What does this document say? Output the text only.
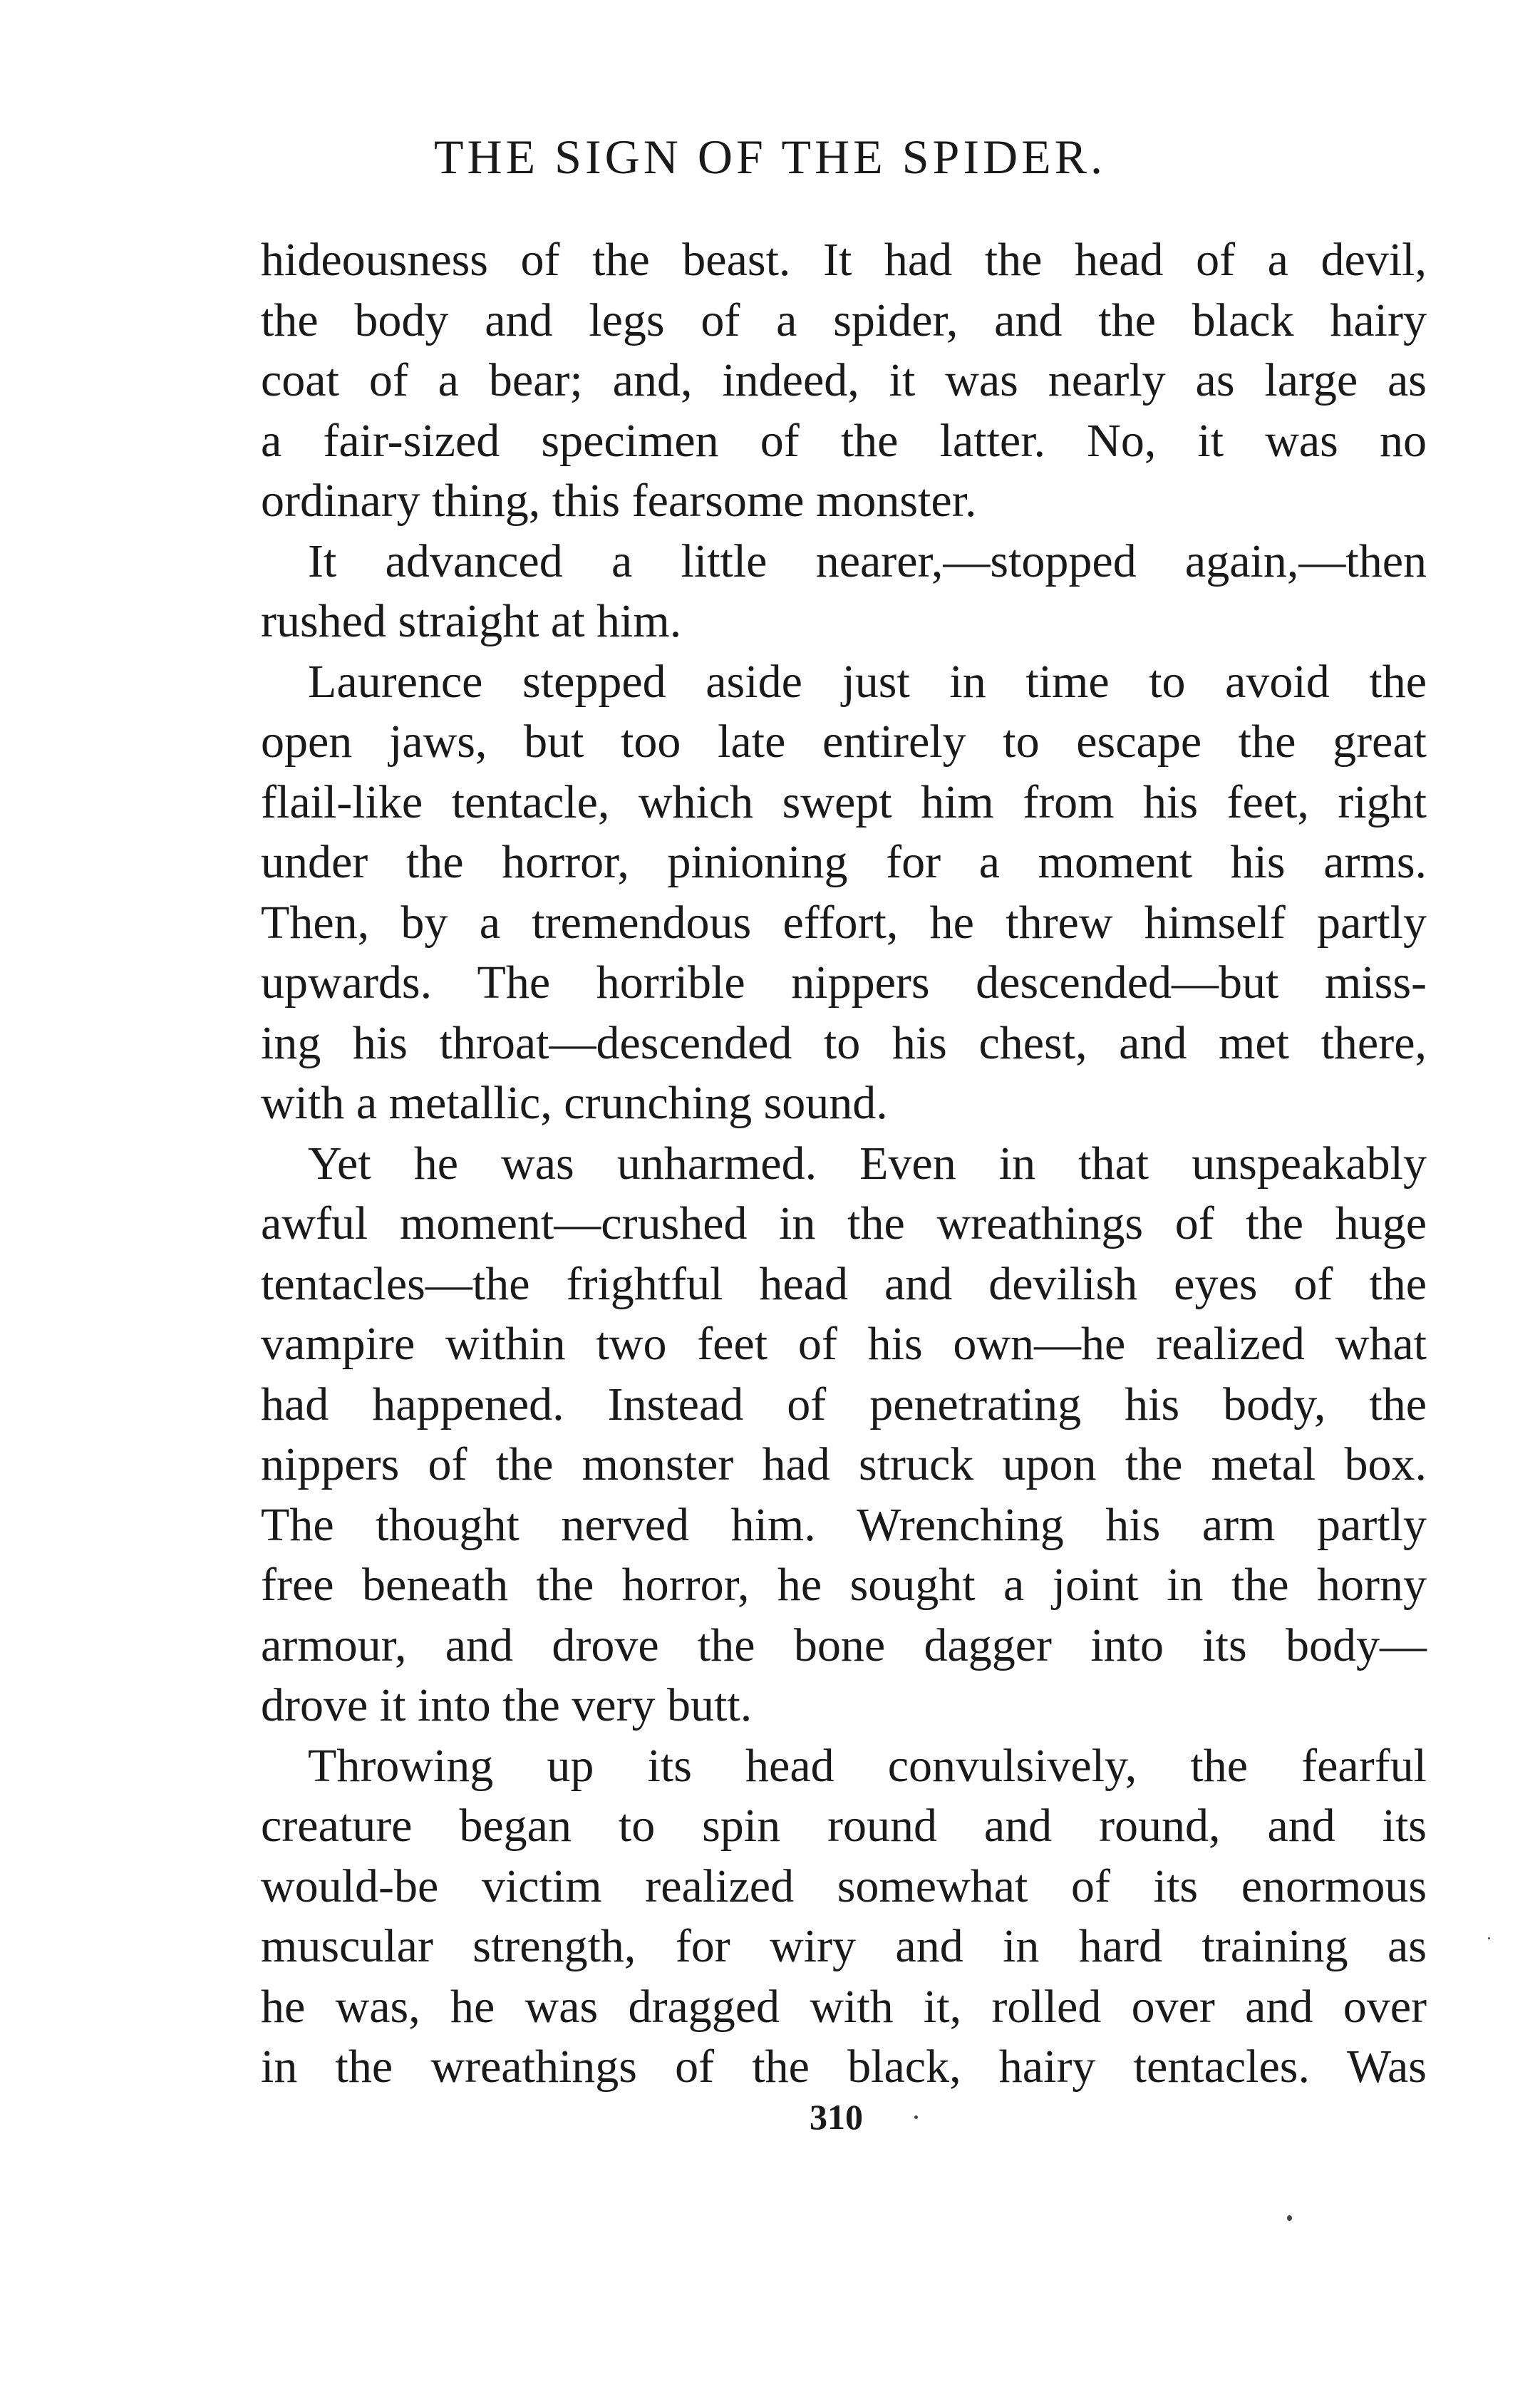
THE SIGN OF THE SPIDER.

hideousness of the beast. It had the head of a devil,
the body and legs of a spider, and the black hairy
coat of a bear; and, indeed, it was nearly as large as
a fair-sized specimen of the latter. No, it was no
ordinary thing, this fearsome monster.

It advanced a little nearer,—stopped again,—then
rushed straight at him.

Laurence stepped aside just in time to avoid the
open jaws, but too late entirely to escape the great
flail-like tentacle, which swept him from his feet, right
under the horror, pinioning for a moment his arms.
Then, by a tremendous effort, he threw himself partly
upwards. The horrible nippers descended—but miss-
ing his throat—descended to his chest, and met there,
with a metallic, crunching sound.

Yet he was unharmed. Even in that unspeakably
awful moment—crushed in the wreathings of the huge
tentacles—the frightful head and devilish eyes of the
vampire within two feet of his own—he realized what
had happened. Instead of penetrating his body, the
nippers of the monster had struck upon the metal box.
The thought nerved him. Wrenching his arm partly
free beneath the horror, he sought a joint in the horny
armour, and drove the bone dagger into its body—
drove it into the very butt.

Throwing up its head convulsively, the fearful
creature began to spin round and round, and its
would-be victim realized somewhat of its enormous
muscular strength, for wiry and in hard training as
he was, he was dragged with it, rolled over and over
in the wreathings of the black, hairy tentacles. Was

310
